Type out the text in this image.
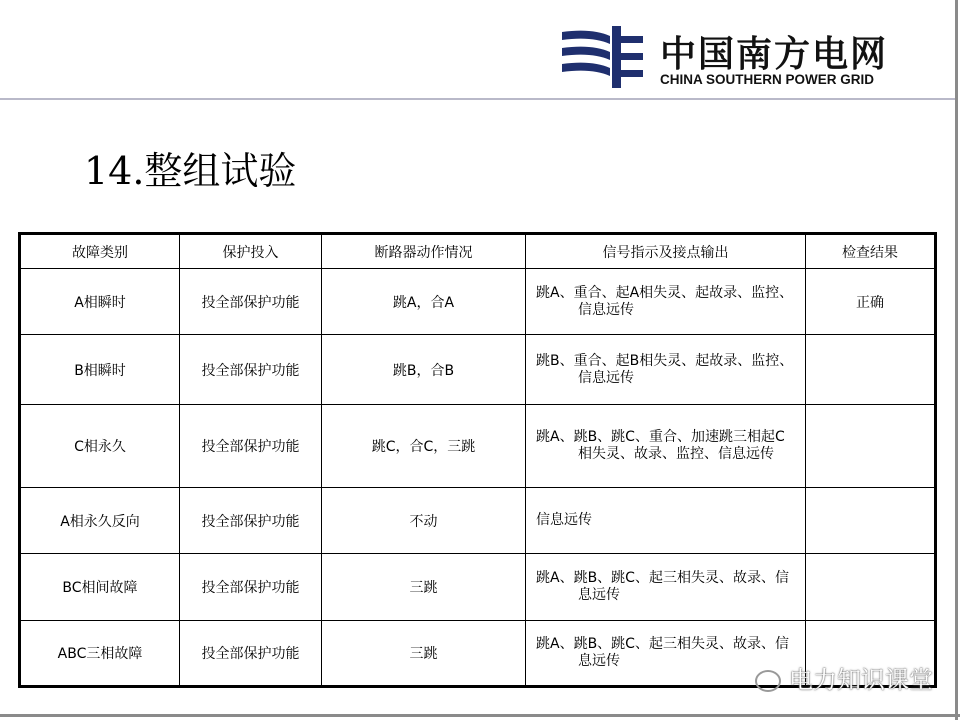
中国南方电网
CHINA SOUTHERN POWER GRID
14.整组试验
故障类别	保护投入	断路器动作情况	信号指示及接点输出	检查结果
A相瞬时	投全部保护功能	跳A，合A	跳A、重合、起A相失灵、起故录、监控、信息远传	正确
B相瞬时	投全部保护功能	跳B，合B	跳B、重合、起B相失灵、起故录、监控、信息远传	
C相永久	投全部保护功能	跳C，合C，三跳	跳A、跳B、跳C、重合、加速跳三相起C相失灵、故录、监控、信息远传	
A相永久反向	投全部保护功能	不动	信息远传	
BC相间故障	投全部保护功能	三跳	跳A、跳B、跳C、起三相失灵、故录、信息远传	
ABC三相故障	投全部保护功能	三跳	跳A、跳B、跳C、起三相失灵、故录、信息远传	
电力知识课堂
